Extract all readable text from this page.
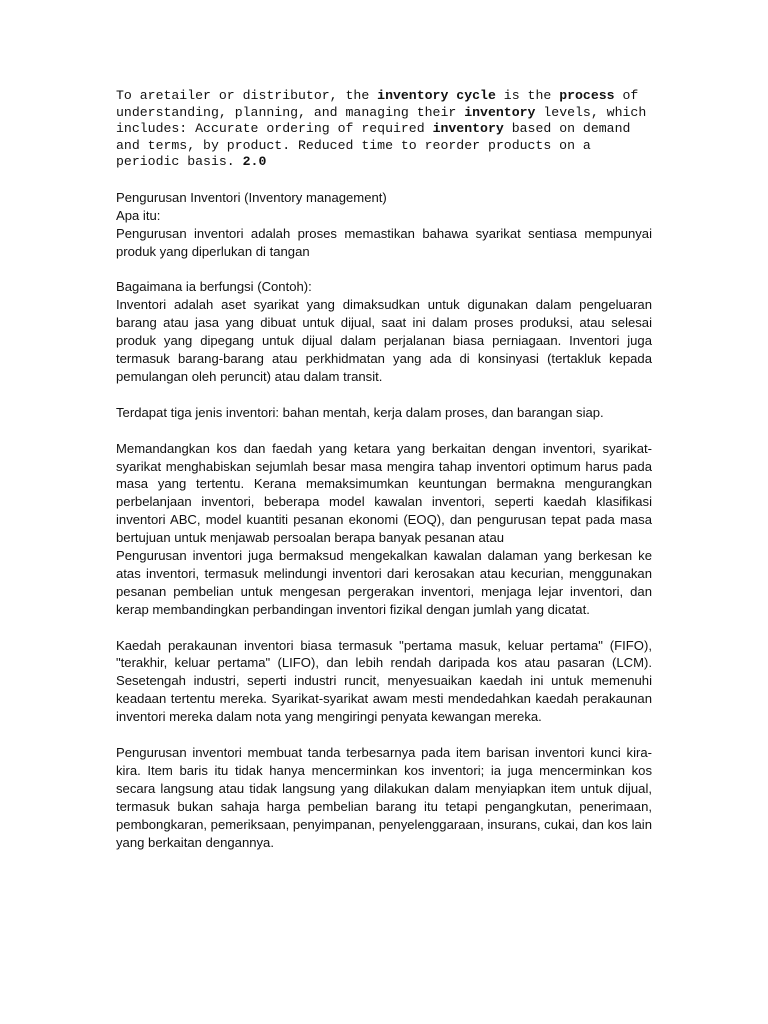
To aretailer or distributor, the inventory cycle is the process of understanding, planning, and managing their inventory levels, which includes: Accurate ordering of required inventory based on demand and terms, by product. Reduced time to reorder products on a periodic basis. 2.0

Pengurusan Inventori (Inventory management)

Apa itu:

Pengurusan inventori adalah proses memastikan bahawa syarikat sentiasa mempunyai produk yang diperlukan di tangan

Bagaimana ia berfungsi (Contoh):

Inventori adalah aset syarikat yang dimaksudkan untuk digunakan dalam pengeluaran barang atau jasa yang dibuat untuk dijual, saat ini dalam proses produksi, atau selesai produk yang dipegang untuk dijual dalam perjalanan biasa perniagaan. Inventori juga termasuk barang-barang atau perkhidmatan yang ada di konsinyasi (tertakluk kepada pemulangan oleh peruncit) atau dalam transit.

Terdapat tiga jenis inventori: bahan mentah, kerja dalam proses, dan barangan siap.

Memandangkan kos dan faedah yang ketara yang berkaitan dengan inventori, syarikat-syarikat menghabiskan sejumlah besar masa mengira tahap inventori optimum harus pada masa yang tertentu. Kerana memaksimumkan keuntungan bermakna mengurangkan perbelanjaan inventori, beberapa model kawalan inventori, seperti kaedah klasifikasi inventori ABC, model kuantiti pesanan ekonomi (EOQ), dan pengurusan tepat pada masa bertujuan untuk menjawab persoalan berapa banyak pesanan atau

Pengurusan inventori juga bermaksud mengekalkan kawalan dalaman yang berkesan ke atas inventori, termasuk melindungi inventori dari kerosakan atau kecurian, menggunakan pesanan pembelian untuk mengesan pergerakan inventori, menjaga lejar inventori, dan kerap membandingkan perbandingan inventori fizikal dengan jumlah yang dicatat.

Kaedah perakaunan inventori biasa termasuk "pertama masuk, keluar pertama" (FIFO), "terakhir, keluar pertama" (LIFO), dan lebih rendah daripada kos atau pasaran (LCM). Sesetengah industri, seperti industri runcit, menyesuaikan kaedah ini untuk memenuhi keadaan tertentu mereka. Syarikat-syarikat awam mesti mendedahkan kaedah perakaunan inventori mereka dalam nota yang mengiringi penyata kewangan mereka.

Pengurusan inventori membuat tanda terbesarnya pada item barisan inventori kunci kira-kira. Item baris itu tidak hanya mencerminkan kos inventori; ia juga mencerminkan kos secara langsung atau tidak langsung yang dilakukan dalam menyiapkan item untuk dijual, termasuk bukan sahaja harga pembelian barang itu tetapi pengangkutan, penerimaan, pembongkaran, pemeriksaan, penyimpanan, penyelenggaraan, insurans, cukai, dan kos lain yang berkaitan dengannya.
